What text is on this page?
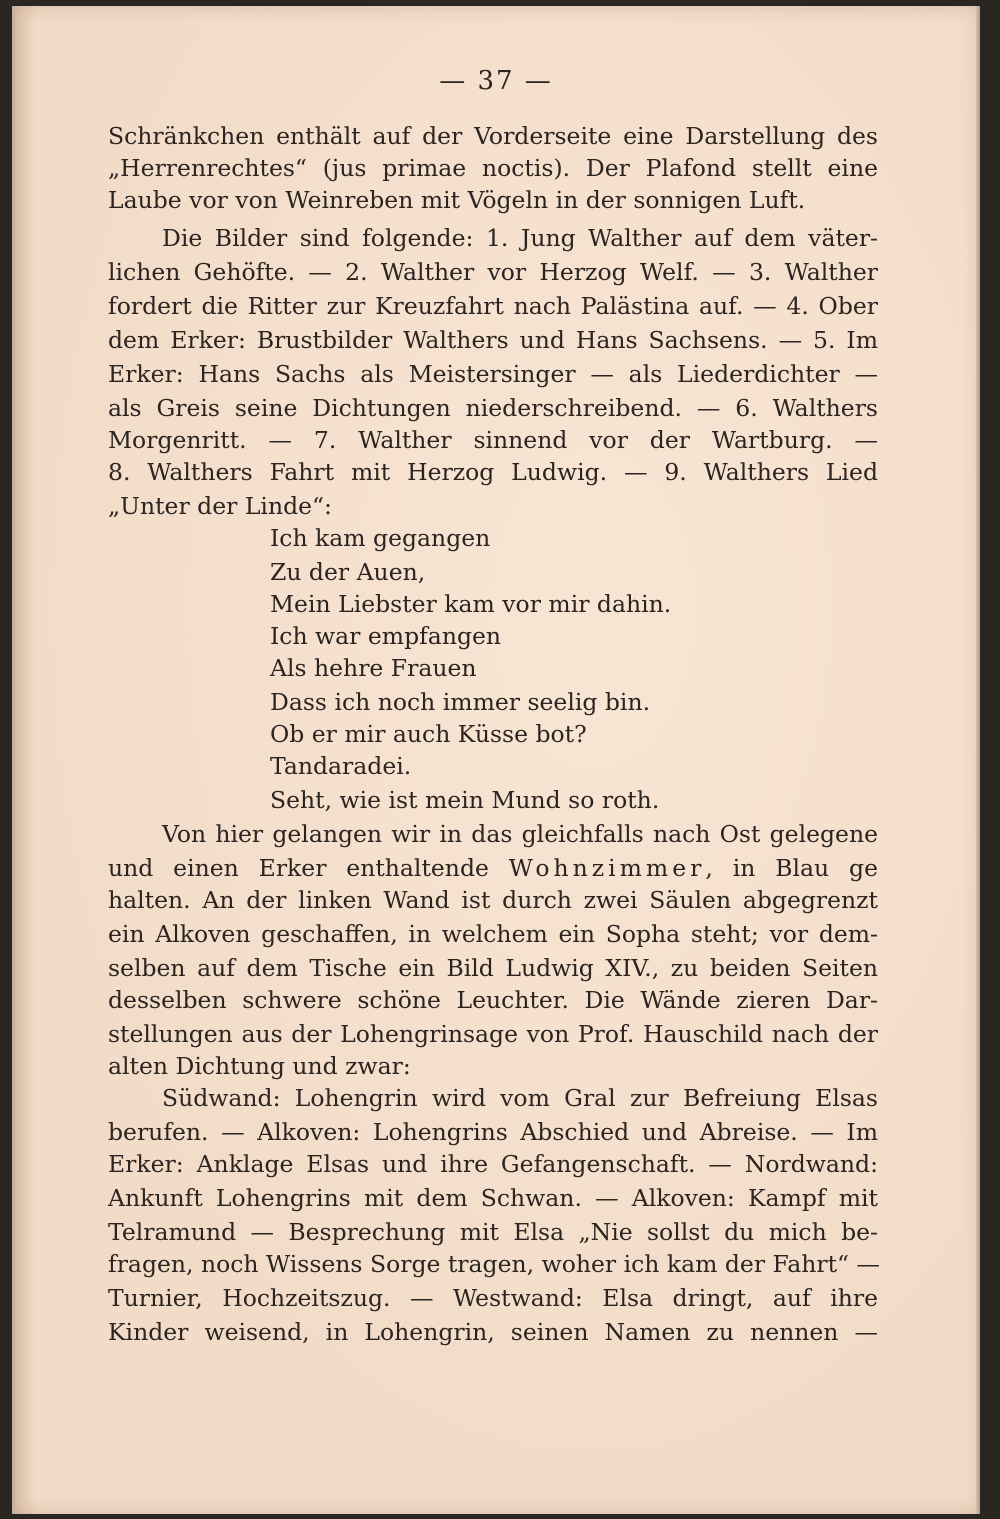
— 37 —
Schränkchen enthält auf der Vorderseite eine Darstellung des
„Herrenrechtes“ (jus primae noctis). Der Plafond stellt eine
Laube vor von Weinreben mit Vögeln in der sonnigen Luft.
Die Bilder sind folgende: 1. Jung Walther auf dem väter-
lichen Gehöfte. — 2. Walther vor Herzog Welf. — 3. Walther
fordert die Ritter zur Kreuzfahrt nach Palästina auf. — 4. Ober
dem Erker: Brustbilder Walthers und Hans Sachsens. — 5. Im
Erker: Hans Sachs als Meistersinger — als Liederdichter —
als Greis seine Dichtungen niederschreibend. — 6. Walthers
Morgenritt. — 7. Walther sinnend vor der Wartburg. —
8. Walthers Fahrt mit Herzog Ludwig. — 9. Walthers Lied
„Unter der Linde“:
Ich kam gegangen
Zu der Auen,
Mein Liebster kam vor mir dahin.
Ich war empfangen
Als hehre Frauen
Dass ich noch immer seelig bin.
Ob er mir auch Küsse bot?
Tandaradei.
Seht, wie ist mein Mund so roth.
Von hier gelangen wir in das gleichfalls nach Ost gelegene
und einen Erker enthaltende Wohnzimmer, in Blau ge
halten. An der linken Wand ist durch zwei Säulen abgegrenzt
ein Alkoven geschaffen, in welchem ein Sopha steht; vor dem-
selben auf dem Tische ein Bild Ludwig XIV., zu beiden Seiten
desselben schwere schöne Leuchter. Die Wände zieren Dar-
stellungen aus der Lohengrinsage von Prof. Hauschild nach der
alten Dichtung und zwar:
Südwand: Lohengrin wird vom Gral zur Befreiung Elsas
berufen. — Alkoven: Lohengrins Abschied und Abreise. — Im
Erker: Anklage Elsas und ihre Gefangenschaft. — Nordwand:
Ankunft Lohengrins mit dem Schwan. — Alkoven: Kampf mit
Telramund — Besprechung mit Elsa „Nie sollst du mich be-
fragen, noch Wissens Sorge tragen, woher ich kam der Fahrt“ —
Turnier, Hochzeitszug. — Westwand: Elsa dringt, auf ihre
Kinder weisend, in Lohengrin, seinen Namen zu nennen —
